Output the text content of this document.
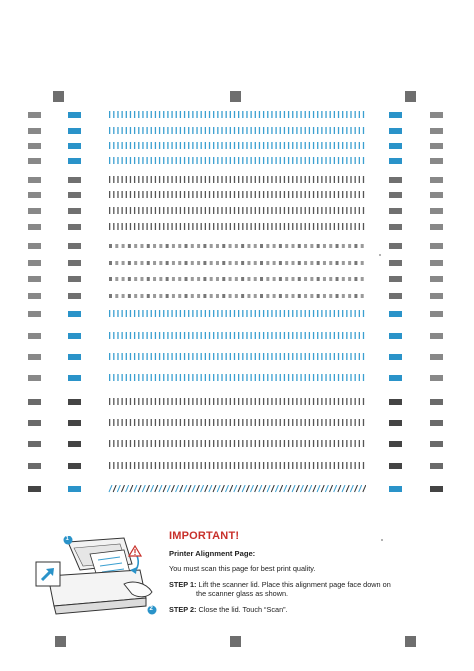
1
2
IMPORTANT!
Printer Alignment Page:
You must scan this page for best print quality.
STEP 1: Lift the scanner lid. Place this alignment page face down on
the scanner glass as shown.
STEP 2: Close the lid. Touch “Scan”.
